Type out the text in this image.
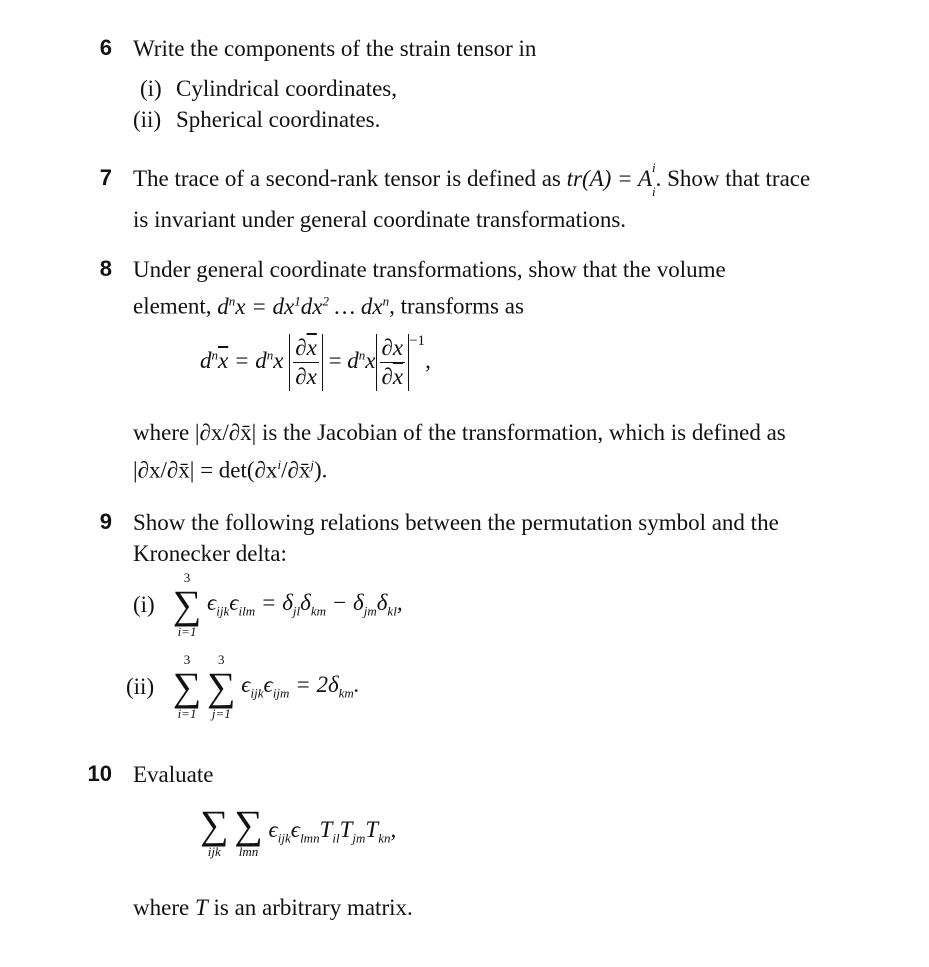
6 Write the components of the strain tensor in
(i) Cylindrical coordinates,
(ii) Spherical coordinates.
7 The trace of a second-rank tensor is defined as tr(A) = A i
$_i$. Show that trace
is invariant under general coordinate transformations.
8 Under general coordinate transformations, show that the volume
element, $d^nx = dx^1dx^2$ … $dx^n$, transforms as
$d^n\overline{x} = d^nx \frac{\partial\overline{x}}{\partial x} = d^nx \frac{\partial x}{\partial\overline{x}} ^{-1}$,
where |∂x/∂x̄| is the Jacobian of the transformation, which is defined as
|∂x/∂x̄| = $\det(\partial x^i/\partial x̄^j)$.
9 Show the following relations between the permutation symbol and the
Kronecker delta:
(i)
3
∑
i=1
$\epsilon_{ijk}\epsilon_{ilm} = \delta_{jl}\delta_{km} - \delta_{jm}\delta_{kl}$,
(ii)
3
∑
i=1

3
∑
j=1
$\epsilon_{ijk}\epsilon_{ijm} = 2\delta_{km}$.
10 Evaluate
∑
ijk

∑
lmn
$\epsilon_{ijk}\epsilon_{lmn}T_{il}T_{jm}T_{kn}$,
where T is an arbitrary matrix.
